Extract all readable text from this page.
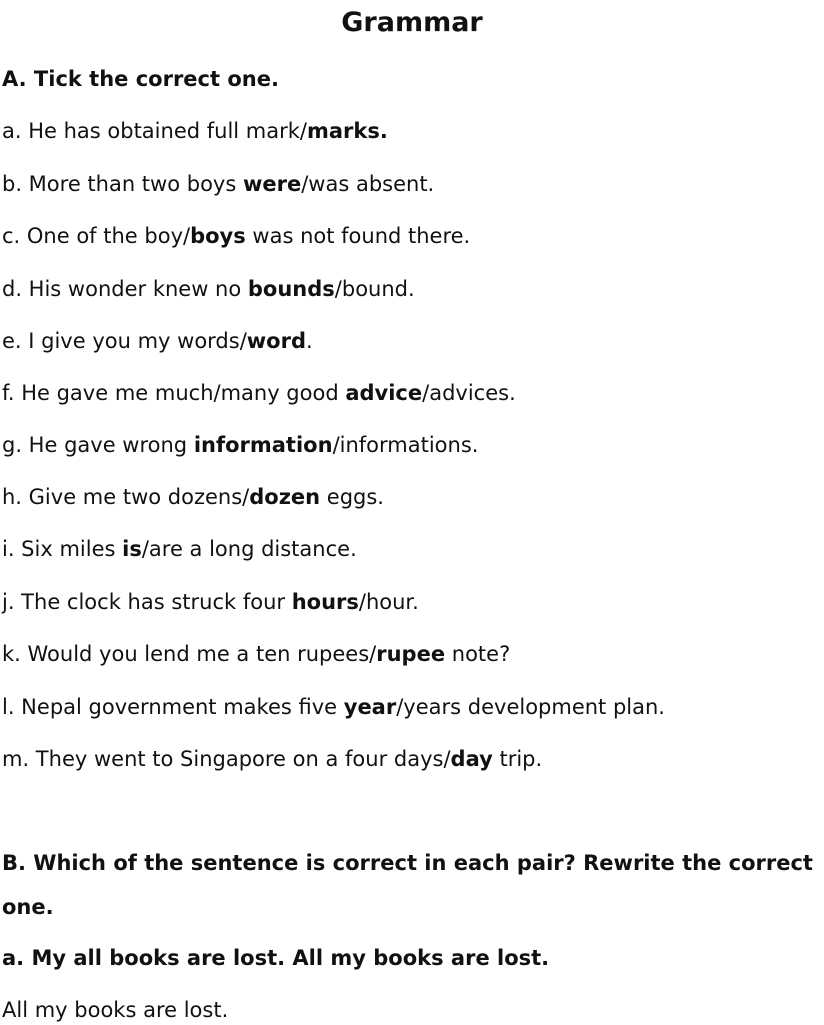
Grammar
A. Tick the correct one.
a. He has obtained full mark/marks.
b. More than two boys were/was absent.
c. One of the boy/boys was not found there.
d. His wonder knew no bounds/bound.
e. I give you my words/word.
f. He gave me much/many good advice/advices.
g. He gave wrong information/informations.
h. Give me two dozens/dozen eggs.
i. Six miles is/are a long distance.
j. The clock has struck four hours/hour.
k. Would you lend me a ten rupees/rupee note?
l. Nepal government makes five year/years development plan.
m. They went to Singapore on a four days/day trip.
B. Which of the sentence is correct in each pair? Rewrite the correct one.
a. My all books are lost. All my books are lost.
All my books are lost.
